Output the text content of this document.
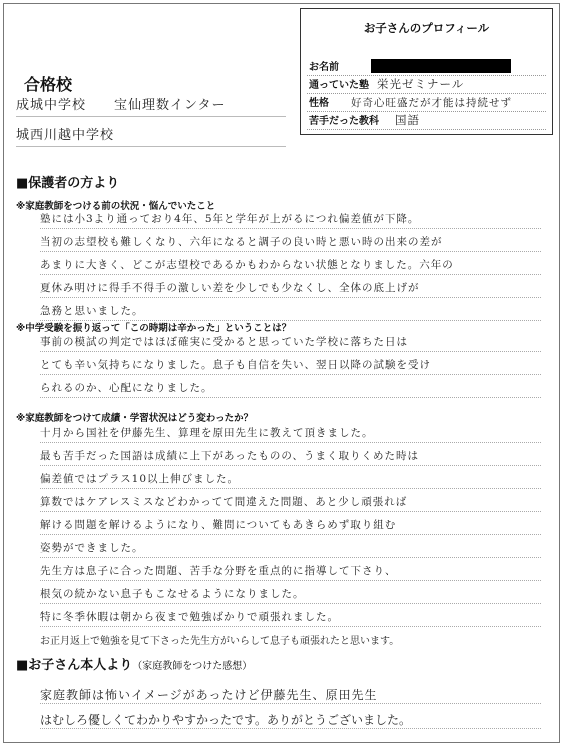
お子さんのプロフィール
お名前
通っていた塾 栄光ゼミナール
性格 好奇心旺盛だが才能は持続せず
苦手だった教科 国語
合格校
成城中学校　　宝仙理数インター
城西川越中学校
■保護者の方より
※家庭教師をつける前の状況・悩んでいたこと
塾には小3より通っており4年、5年と学年が上がるにつれ偏差値が下降。
当初の志望校も難しくなり、六年になると調子の良い時と悪い時の出来の差が
あまりに大きく、どこが志望校であるかもわからない状態となりました。六年の
夏休み明けに得手不得手の激しい差を少しでも少なくし、全体の底上げが
急務と思いました。
※中学受験を振り返って「この時期は辛かった」ということは？
事前の模試の判定ではほぼ確実に受かると思っていた学校に落ちた日は
とても辛い気持ちになりました。息子も自信を失い、翌日以降の試験を受け
られるのか、心配になりました。
※家庭教師をつけて成績・学習状況はどう変わったか？
十月から国社を伊藤先生、算理を原田先生に教えて頂きました。
最も苦手だった国語は成績に上下があったものの、うまく取りくめた時は
偏差値ではプラス10以上伸びました。
算数ではケアレスミスなどわかってて間違えた問題、あと少し頑張れば
解ける問題を解けるようになり、難問についてもあきらめず取り組む
姿勢ができました。
先生方は息子に合った問題、苦手な分野を重点的に指導して下さり、
根気の続かない息子もこなせるようになりました。
特に冬季休暇は朝から夜まで勉強ばかりで頑張れました。
お正月返上で勉強を見て下さった先生方がいらして息子も頑張れたと思います。
■お子さん本人より（家庭教師をつけた感想）
家庭教師は怖いイメージがあったけど伊藤先生、原田先生
はむしろ優しくてわかりやすかったです。ありがとうございました。
